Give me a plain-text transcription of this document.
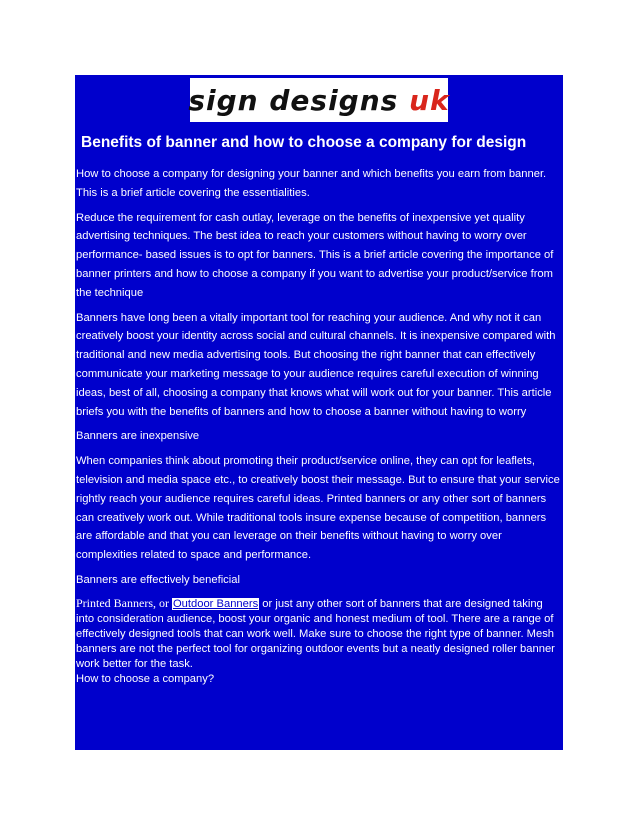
sign designs uk
Benefits of banner and how to choose a company for design

How to choose a company for designing your banner and which benefits you earn from banner. This is a brief article covering the essentialities.

Reduce the requirement for cash outlay, leverage on the benefits of inexpensive yet quality advertising techniques. The best idea to reach your customers without having to worry over performance- based issues is to opt for banners. This is a brief article covering the importance of banner printers and how to choose a company if you want to advertise your product/service from the technique

Banners have long been a vitally important tool for reaching your audience. And why not it can creatively boost your identity across social and cultural channels. It is inexpensive compared with traditional and new media advertising tools. But choosing the right banner that can effectively communicate your marketing message to your audience requires careful execution of winning ideas, best of all, choosing a company that knows what will work out for your banner. This article briefs you with the benefits of banners and how to choose a banner without having to worry

Banners are inexpensive

When companies think about promoting their product/service online, they can opt for leaflets, television and media space etc., to creatively boost their message. But to ensure that your service rightly reach your audience requires careful ideas. Printed banners or any other sort of banners can creatively work out. While traditional tools insure expense because of competition, banners are affordable and that you can leverage on their benefits without having to worry over complexities related to space and performance.

Banners are effectively beneficial

Printed Banners, or Outdoor Banners or just any other sort of banners that are designed taking into consideration audience, boost your organic and honest medium of tool. There are a range of effectively designed tools that can work well. Make sure to choose the right type of banner. Mesh banners are not the perfect tool for organizing outdoor events but a neatly designed roller banner work better for the task.
How to choose a company?
